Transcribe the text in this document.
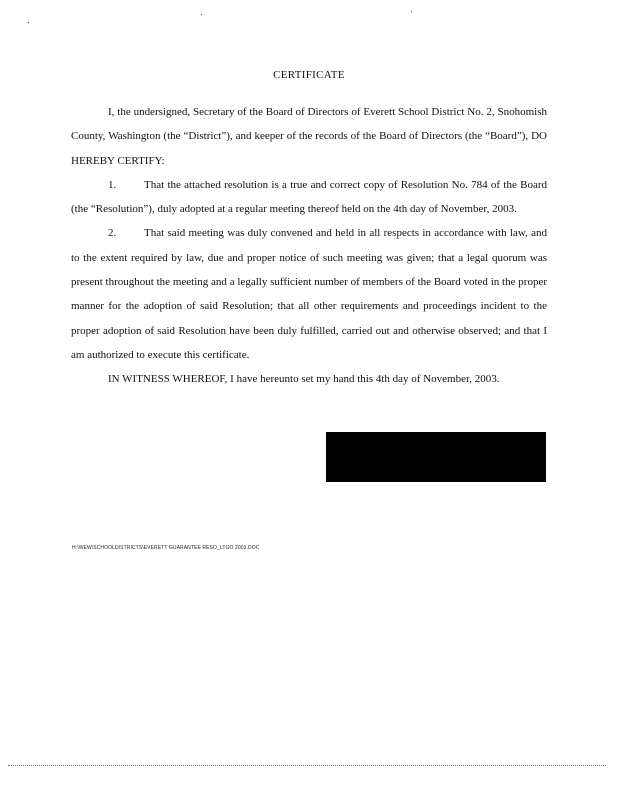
CERTIFICATE

I, the undersigned, Secretary of the Board of Directors of Everett School District No. 2, Snohomish County, Washington (the “District”), and keeper of the records of the Board of Directors (the “Board”), DO HEREBY CERTIFY:

1.	That the attached resolution is a true and correct copy of Resolution No. 784 of the Board (the “Resolution”), duly adopted at a regular meeting thereof held on the 4th day of November, 2003.

2.	That said meeting was duly convened and held in all respects in accordance with law, and to the extent required by law, due and proper notice of such meeting was given; that a legal quorum was present throughout the meeting and a legally sufficient number of members of the Board voted in the proper manner for the adoption of said Resolution; that all other requirements and proceedings incident to the proper adoption of said Resolution have been duly fulfilled, carried out and otherwise observed; and that I am authorized to execute this certificate.

IN WITNESS WHEREOF, I have hereunto set my hand this 4th day of November, 2003.

H:\WEW\SCHOOLDISTRICTS\EVERETT GUARANTEE RESO_LTGO 2003.DOC
